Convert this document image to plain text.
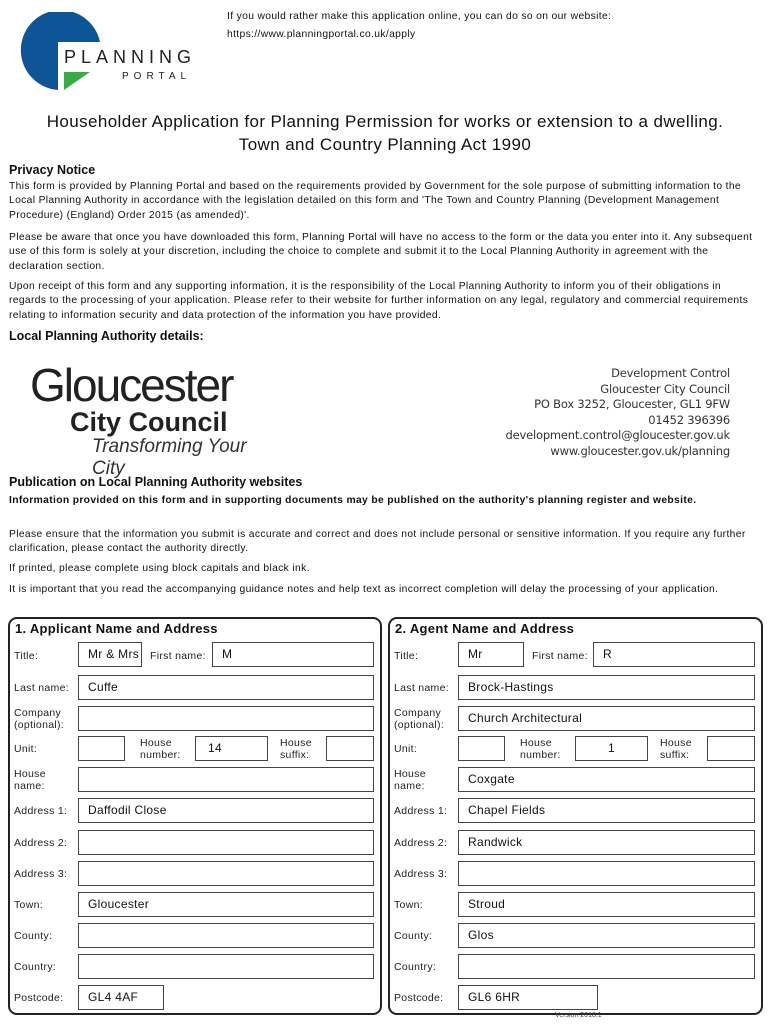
PLANNING
PORTAL
If you would rather make this application online, you can do so on our website:
https://www.planningportal.co.uk/apply
Householder Application for Planning Permission for works or extension to a dwelling.
Town and Country Planning Act 1990
Privacy Notice
This form is provided by Planning Portal and based on the requirements provided by Government for the sole purpose of submitting information to the Local Planning Authority in accordance with the legislation detailed on this form and 'The Town and Country Planning (Development Management Procedure) (England) Order 2015 (as amended)'.
Please be aware that once you have downloaded this form, Planning Portal will have no access to the form or the data you enter into it. Any subsequent use of this form is solely at your discretion, including the choice to complete and submit it to the Local Planning Authority in agreement with the declaration section.
Upon receipt of this form and any supporting information, it is the responsibility of the Local Planning Authority to inform you of their obligations in regards to the processing of your application. Please refer to their website for further information on any legal, regulatory and commercial requirements relating to information security and data protection of the information you have provided.
Local Planning Authority details:
Gloucester
City Council
Transforming Your City
Development Control
Gloucester City Council
PO Box 3252, Gloucester, GL1 9FW
01452 396396
development.control@gloucester.gov.uk
www.gloucester.gov.uk/planning
Publication on Local Planning Authority websites
Information provided on this form and in supporting documents may be published on the authority's planning register and website.
Please ensure that the information you submit is accurate and correct and does not include personal or sensitive information. If you require any further clarification, please contact the authority directly.
If printed, please complete using block capitals and black ink.
It is important that you read the accompanying guidance notes and help text as incorrect completion will delay the processing of your application.
1. Applicant Name and Address
Title:	Mr & Mrs First name:	M
Last name:	Cuffe
Company (optional):
House name:
Address 1:	Daffodil Close
Address 2:
Address 3:
Town:	Gloucester
County:
Country:
Unit:	House number:	14	House suffix:
Postcode:	GL4 4AF
2. Agent Name and Address
Title:	Mr	First name:	R
Last name:	Brock-Hastings
Company (optional):	Church Architectural
House name:	Coxgate
Address 1:	Chapel Fields
Address 2:	Randwick
Address 3:
Town:	Stroud
County:	Glos
Country:
Unit:	House number:	1	House suffix:
Postcode:	GL6 6HR
Version 2018.1
